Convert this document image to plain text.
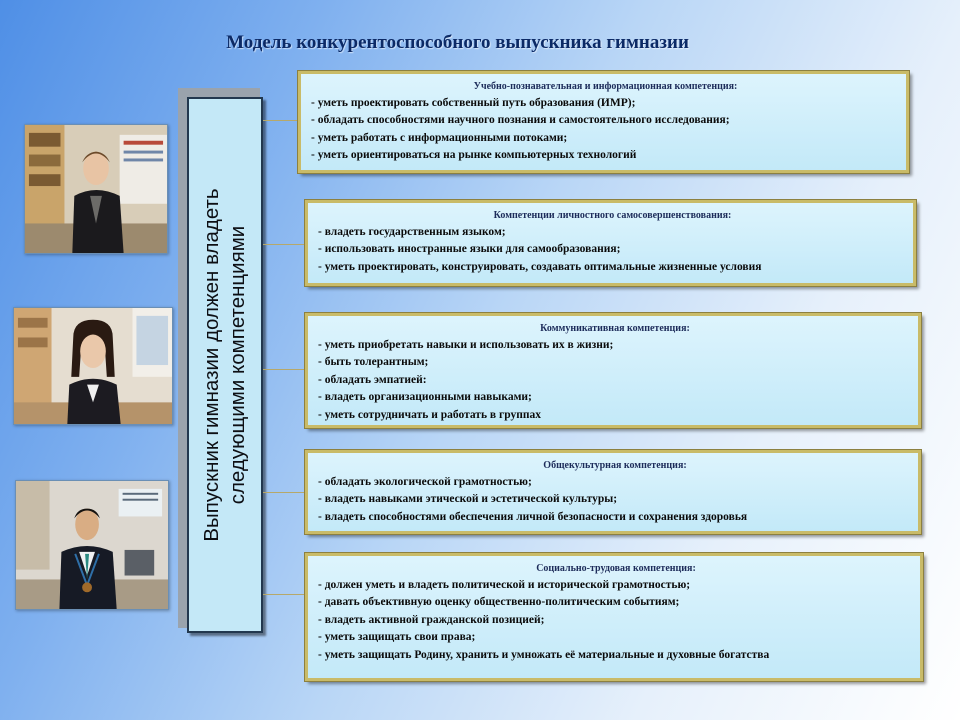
Модель конкурентоспособного выпускника гимназии
Выпускник гимназии должен владеть следующими компетенциями
Учебно-познавательная и информационная компетенция:
- уметь проектировать собственный путь образования (ИМР);
- обладать способностями научного познания и самостоятельного исследования;
- уметь работать с информационными потоками;
- уметь ориентироваться на рынке компьютерных технологий
Компетенции личностного самосовершенствования:
- владеть государственным языком;
- использовать иностранные языки для самообразования;
- уметь проектировать, конструировать, создавать оптимальные жизненные условия
Коммуникативная компетенция:
- уметь приобретать навыки и использовать их в жизни;
- быть толерантным;
- обладать эмпатией:
- владеть организационными навыками;
- уметь сотрудничать и работать в группах
Общекультурная компетенция:
- обладать экологической грамотностью;
- владеть навыками этической и эстетической культуры;
- владеть способностями обеспечения личной безопасности и сохранения здоровья
Социально-трудовая компетенция:
- должен уметь и владеть политической и исторической грамотностью;
- давать объективную оценку общественно-политическим событиям;
- владеть активной гражданской позицией;
- уметь защищать свои права;
- уметь защищать Родину, хранить и умножать её материальные и духовные богатства
